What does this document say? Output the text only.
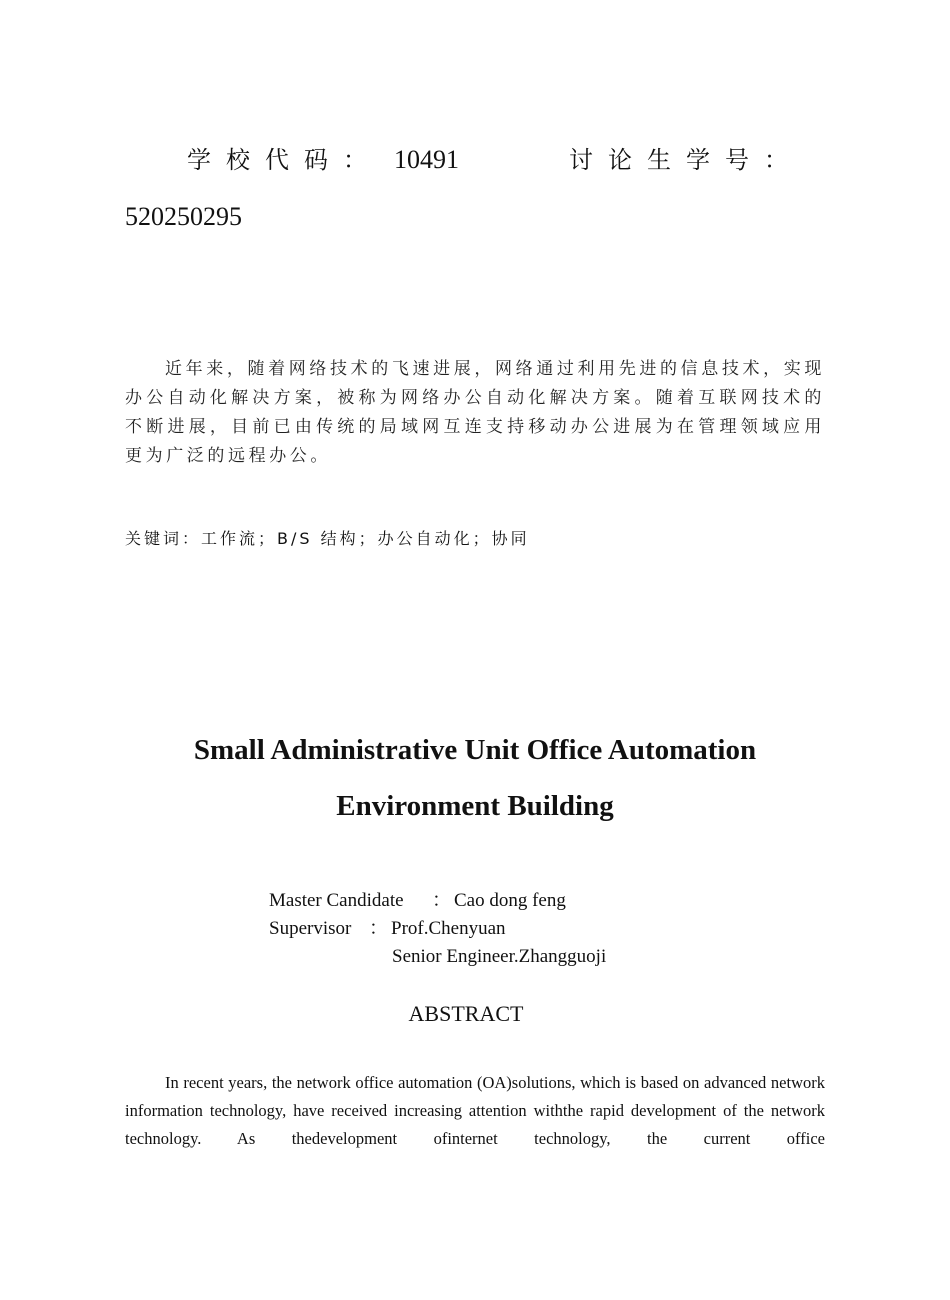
学校代码： 10491	讨论生学号：
520250295
近年来，随着网络技术的飞速进展，网络通过利用先进的信息技术，实现办公自动化解决方案，被称为网络办公自动化解决方案。随着互联网技术的不断进展，目前已由传统的局域网互连支持移动办公进展为在管理领域应用更为广泛的远程办公。
关键词：工作流；B/S 结构；办公自动化；协同
Small Administrative Unit Office Automation
Environment Building
Master Candidate	： Cao dong feng
Supervisor ： Prof.Chenyuan
Senior Engineer.Zhangguoji
ABSTRACT
In recent years, the network office automation (OA)solutions, which is based on advanced network information technology, have received increasing attention withthe rapid development of the network technology. As thedevelopment ofinternet technology, the current office
